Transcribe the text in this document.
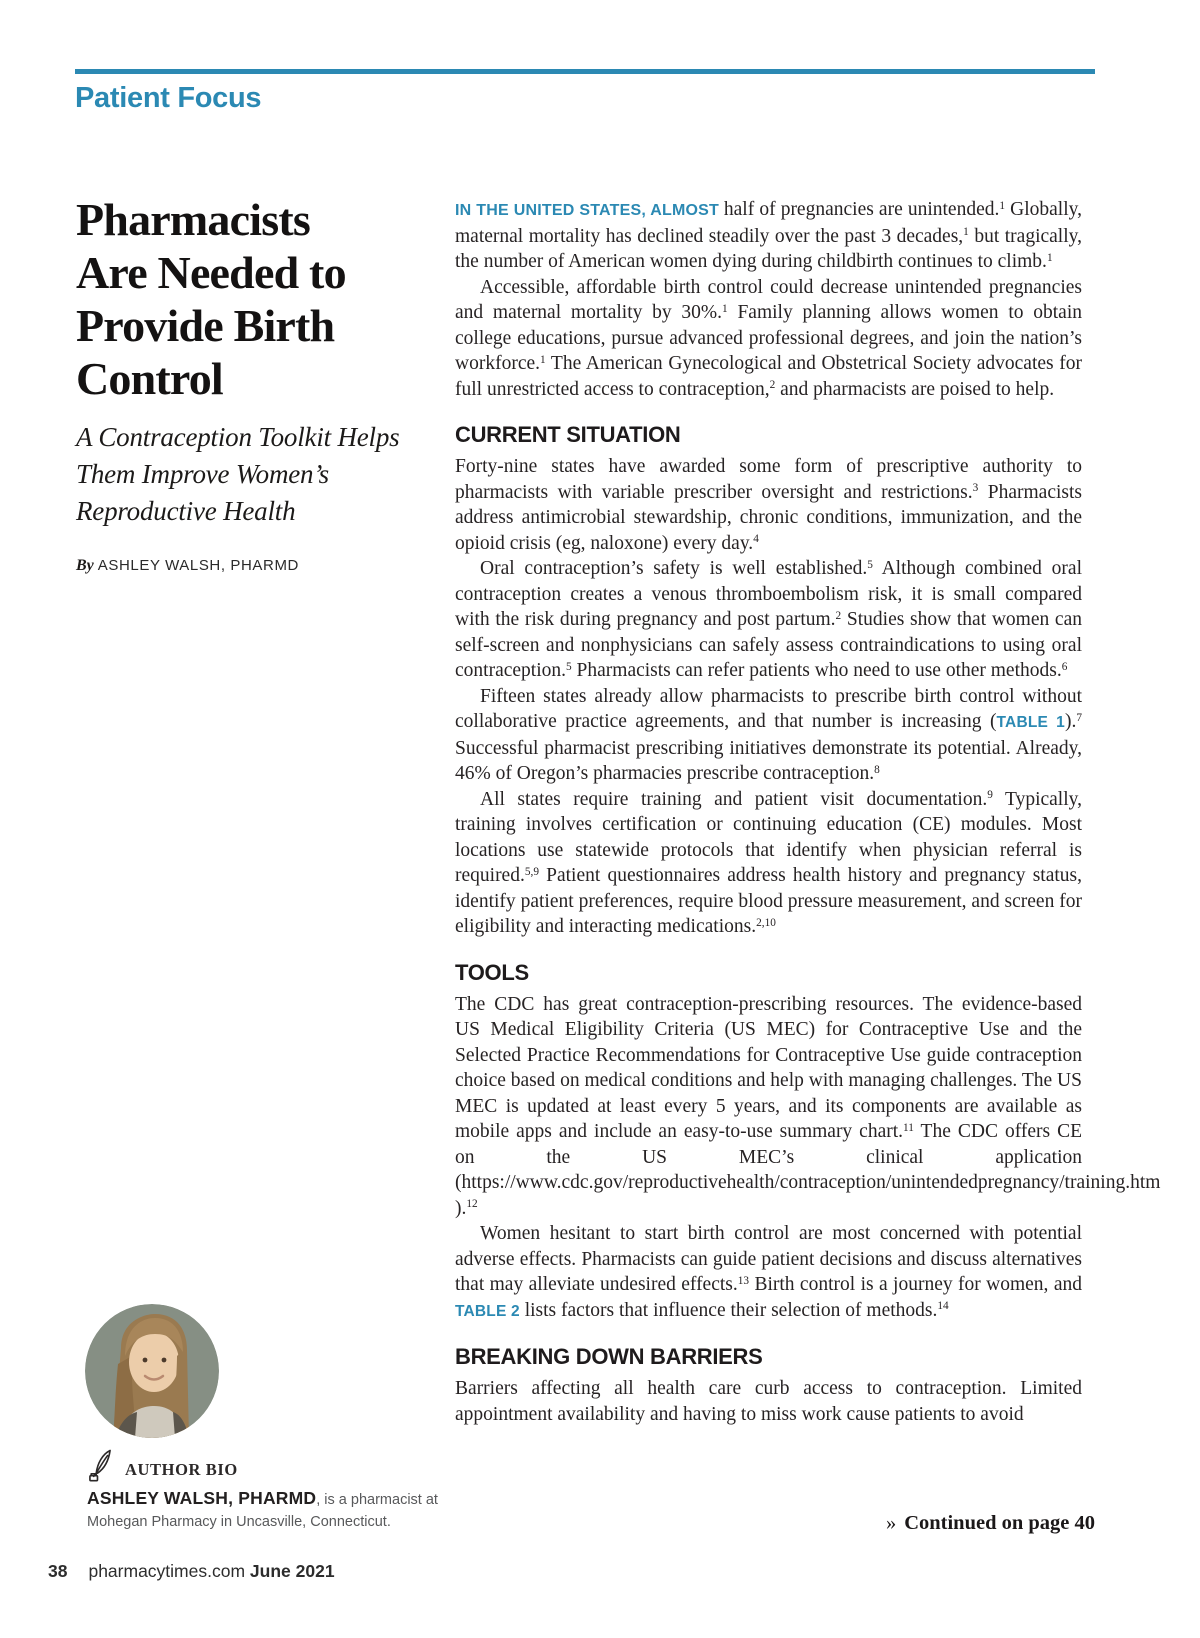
Patient Focus
Pharmacists
Are Needed to
Provide Birth
Control
A Contraception Toolkit Helps
Them Improve Women’s
Reproductive Health
By ASHLEY WALSH, PHARMD

IN THE UNITED STATES, ALMOST half of pregnancies are unintended.$^1$ Globally, maternal mortality has declined steadily over the past 3 decades,$^1$ but tragically, the number of American women dying during childbirth continues to climb.$^1$

Accessible, affordable birth control could decrease unintended pregnancies and maternal mortality by 30%.$^1$ Family planning allows women to obtain college educations, pursue advanced professional degrees, and join the nation’s workforce.$^1$ The American Gynecological and Obstetrical Society advocates for full unrestricted access to contraception,$^2$ and pharmacists are poised to help.

CURRENT SITUATION

Forty-nine states have awarded some form of prescriptive authority to pharmacists with variable prescriber oversight and restrictions.$^3$ Pharmacists address antimicrobial stewardship, chronic conditions, immunization, and the opioid crisis (eg, naloxone) every day.$^4$

Oral contraception’s safety is well established.$^5$ Although combined oral contraception creates a venous thromboembolism risk, it is small compared with the risk during pregnancy and post partum.$^2$ Studies show that women can self-screen and nonphysicians can safely assess contraindications to using oral contraception.$^5$ Pharmacists can refer patients who need to use other methods.$^6$

Fifteen states already allow pharmacists to prescribe birth control without collaborative practice agreements, and that number is increasing (TABLE 1).$^7$ Successful pharmacist prescribing initiatives demonstrate its potential. Already, 46% of Oregon’s pharmacies prescribe contraception.$^8$

All states require training and patient visit documentation.$^9$ Typically, training involves certification or continuing education (CE) modules. Most locations use statewide protocols that identify when physician referral is required.$^{5,9}$ Patient questionnaires address health history and pregnancy status, identify patient preferences, require blood pressure measurement, and screen for eligibility and interacting medications.$^{2,10}$

TOOLS

The CDC has great contraception-prescribing resources. The evidence-based US Medical Eligibility Criteria (US MEC) for Contraceptive Use and the Selected Practice Recommendations for Contraceptive Use guide contraception choice based on medical conditions and help with managing challenges. The US MEC is updated at least every 5 years, and its components are available as mobile apps and include an easy-to-use summary chart.$^{11}$ The CDC offers CE on the US MEC’s clinical application (https://www.cdc.gov/reproductivehealth/contraception/unintendedpregnancy/training.htm ).$^{12}$

Women hesitant to start birth control are most concerned with potential adverse effects. Pharmacists can guide patient decisions and discuss alternatives that may alleviate undesired effects.$^{13}$ Birth control is a journey for women, and TABLE 2 lists factors that influence their selection of methods.$^{14}$

BREAKING DOWN BARRIERS

Barriers affecting all health care curb access to contraception. Limited appointment availability and having to miss work cause patients to avoid

» Continued on page 40
AUTHOR BIO
ASHLEY WALSH, PHARMD, is a pharmacist at Mohegan Pharmacy in Uncasville, Connecticut.
38 pharmacytimes.com June 2021
